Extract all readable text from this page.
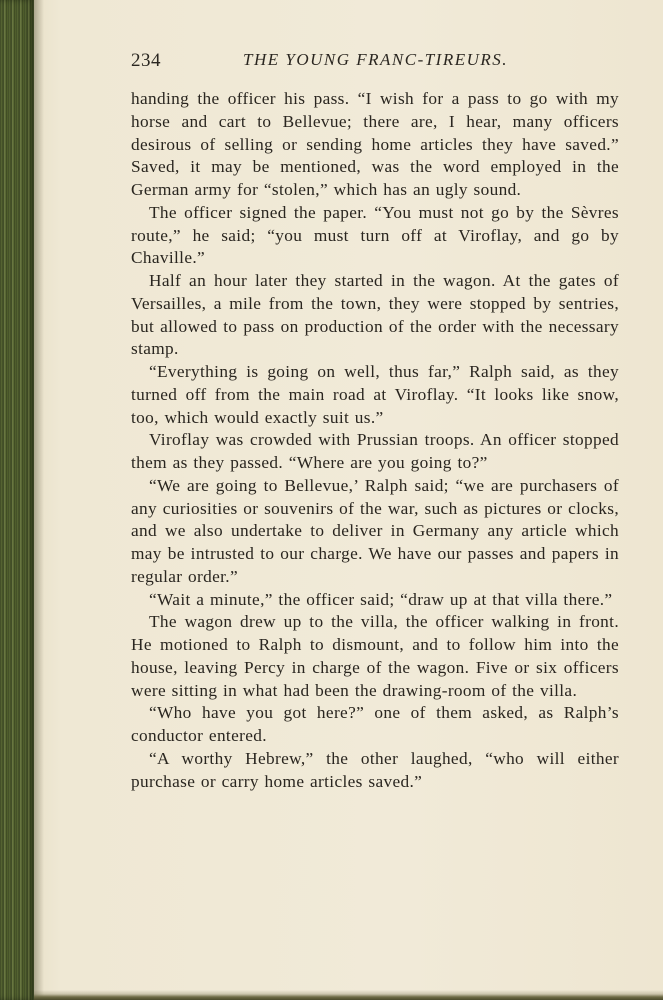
234	THE YOUNG FRANC-TIREURS.

handing the officer his pass. “I wish for a pass to go with my horse and cart to Bellevue; there are, I hear, many officers desirous of selling or sending home articles they have saved.” Saved, it may be mentioned, was the word employed in the German army for “stolen,” which has an ugly sound.

The officer signed the paper. “You must not go by the Sèvres route,” he said; “you must turn off at Viroflay, and go by Chaville.”

Half an hour later they started in the wagon. At the gates of Versailles, a mile from the town, they were stopped by sentries, but allowed to pass on production of the order with the necessary stamp.

“Everything is going on well, thus far,” Ralph said, as they turned off from the main road at Viroflay. “It looks like snow, too, which would exactly suit us.”

Viroflay was crowded with Prussian troops. An officer stopped them as they passed. “Where are you going to?”

“We are going to Bellevue,’ Ralph said; “we are purchasers of any curiosities or souvenirs of the war, such as pictures or clocks, and we also undertake to deliver in Germany any article which may be intrusted to our charge. We have our passes and papers in regular order.”

“Wait a minute,” the officer said; “draw up at that villa there.”

The wagon drew up to the villa, the officer walking in front. He motioned to Ralph to dismount, and to follow him into the house, leaving Percy in charge of the wagon. Five or six officers were sitting in what had been the drawing-room of the villa.

“Who have you got here?” one of them asked, as Ralph’s conductor entered.

“A worthy Hebrew,” the other laughed, “who will either purchase or carry home articles saved.”
